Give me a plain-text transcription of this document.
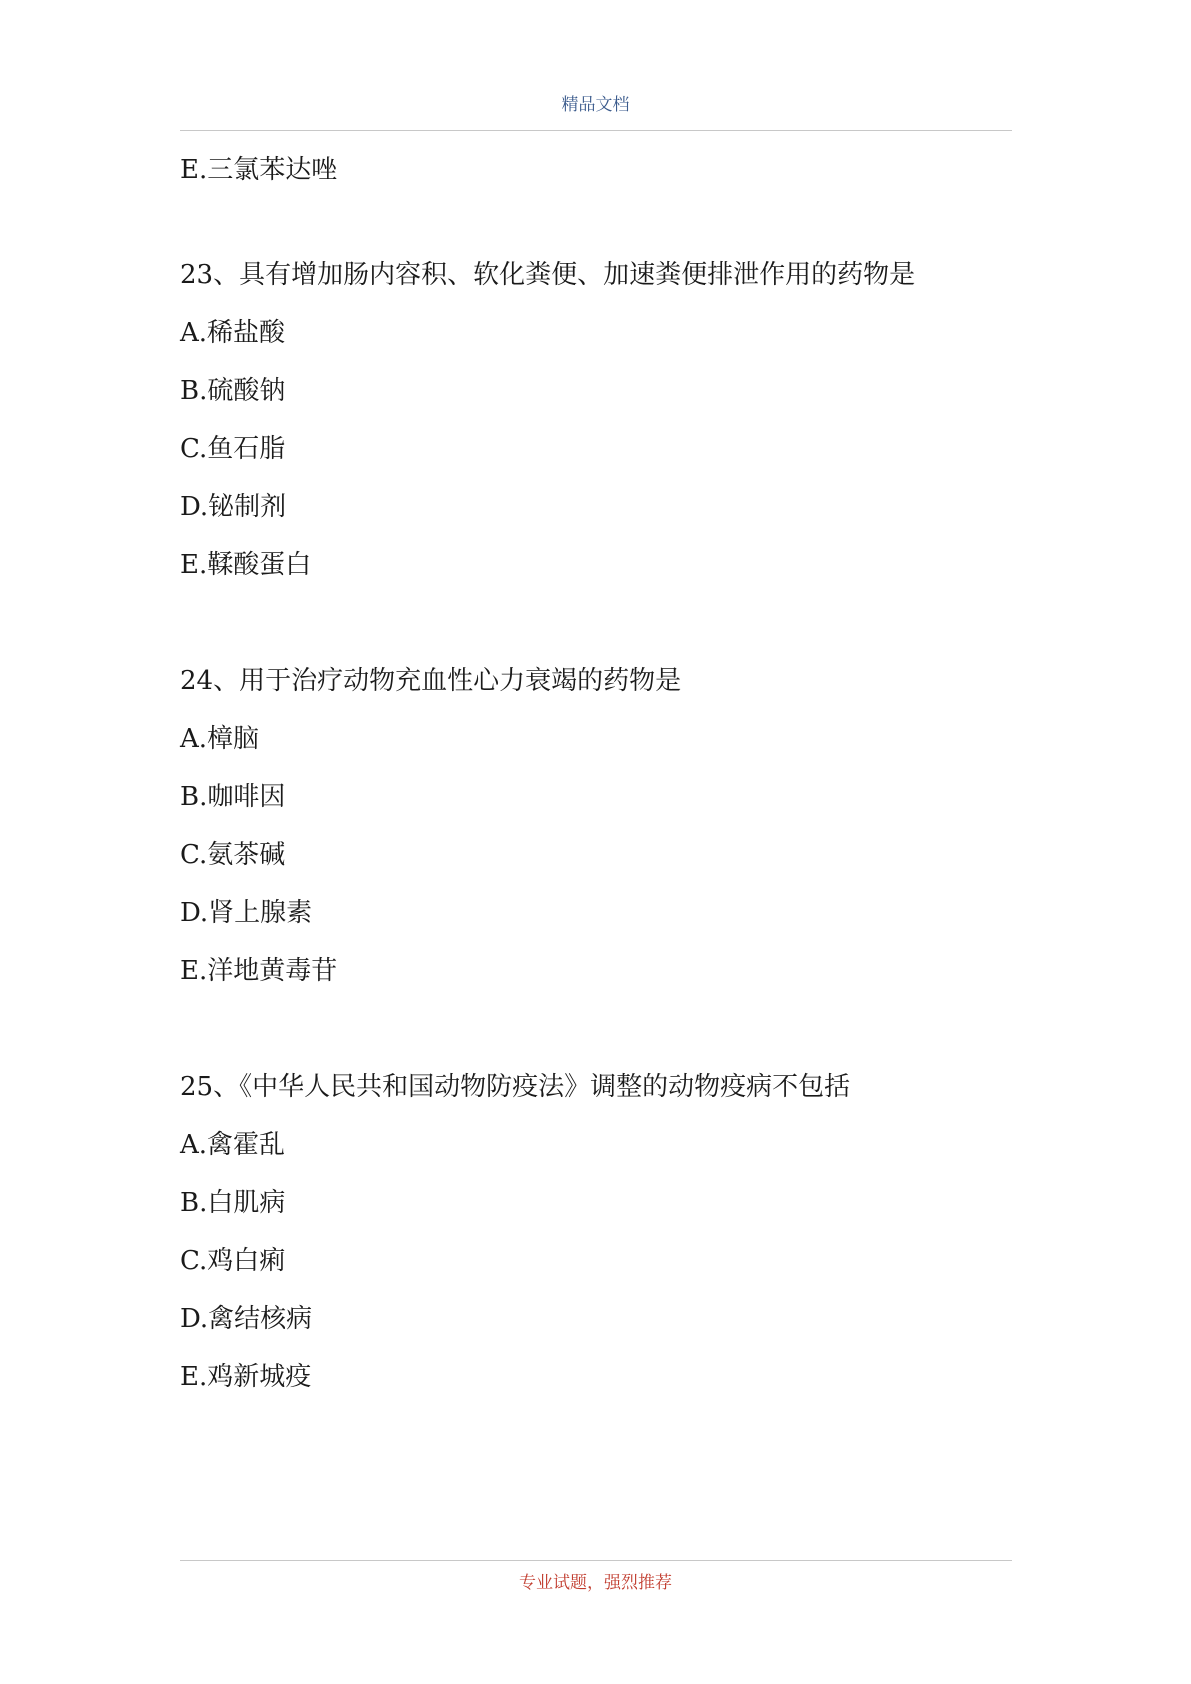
精品文档
E.三氯苯达唑
23、具有增加肠内容积、软化粪便、加速粪便排泄作用的药物是
A.稀盐酸
B.硫酸钠
C.鱼石脂
D.铋制剂
E.鞣酸蛋白
24、用于治疗动物充血性心力衰竭的药物是
A.樟脑
B.咖啡因
C.氨茶碱
D.肾上腺素
E.洋地黄毒苷
25、《中华人民共和国动物防疫法》调整的动物疫病不包括
A.禽霍乱
B.白肌病
C.鸡白痢
D.禽结核病
E.鸡新城疫
专业试题，强烈推荐
